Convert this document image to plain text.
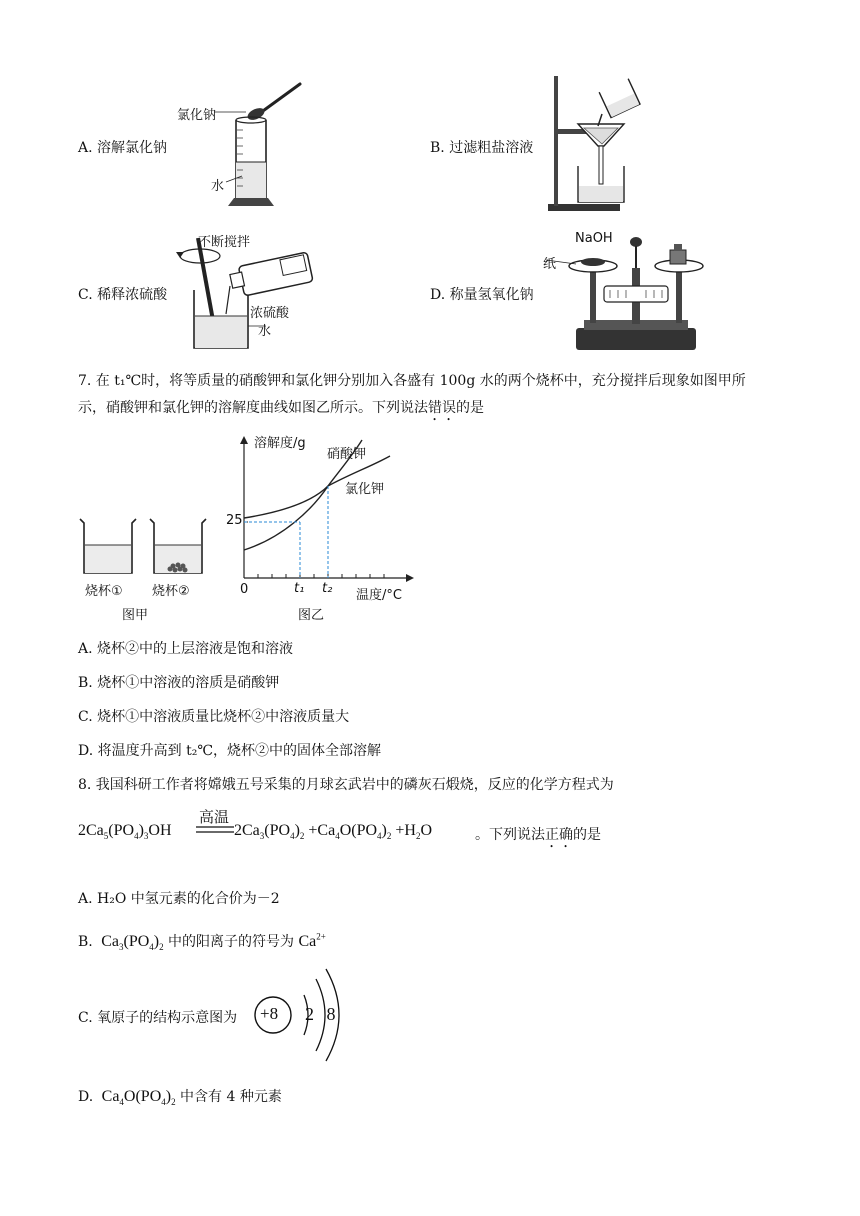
A. 溶解氯化钠
氯化钠
水
B. 过滤粗盐溶液
C. 稀释浓硫酸
不断搅拌
浓硫酸
水
D. 称量氢氧化钠
NaOH
纸
7. 在 t₁℃时，将等质量的硝酸钾和氯化钾分别加入各盛有 100g 水的两个烧杯中，充分搅拌后现象如图甲所
示，硝酸钾和氯化钾的溶解度曲线如图乙所示。下列说法错误的是
烧杯① 烧杯②
图甲
溶解度/g
硝酸钾
氯化钾
25
0	t₁ t₂ 温度/°C
图乙
A. 烧杯②中的上层溶液是饱和溶液
B. 烧杯①中溶液的溶质是硝酸钾
C. 烧杯①中溶液质量比烧杯②中溶液质量大
D. 将温度升高到 t₂℃，烧杯②中的固体全部溶解
8. 我国科研工作者将嫦娥五号采集的月球玄武岩中的磷灰石煅烧，反应的化学方程式为
$2Ca_5(PO_4)_3OH$
高温
$2Ca_3(PO_4)_2 +Ca_4O(PO_4)_2 +H_2O$	。下列说法正确的是
A. H₂O 中氢元素的化合价为－2
B.  $Ca_3(PO_4)_2$ 中的阳离子的符号为 $Ca^{2+}$
C. 氧原子的结构示意图为 +8 2 8
D.  $Ca_4O(PO_4)_2$ 中含有 4 种元素
